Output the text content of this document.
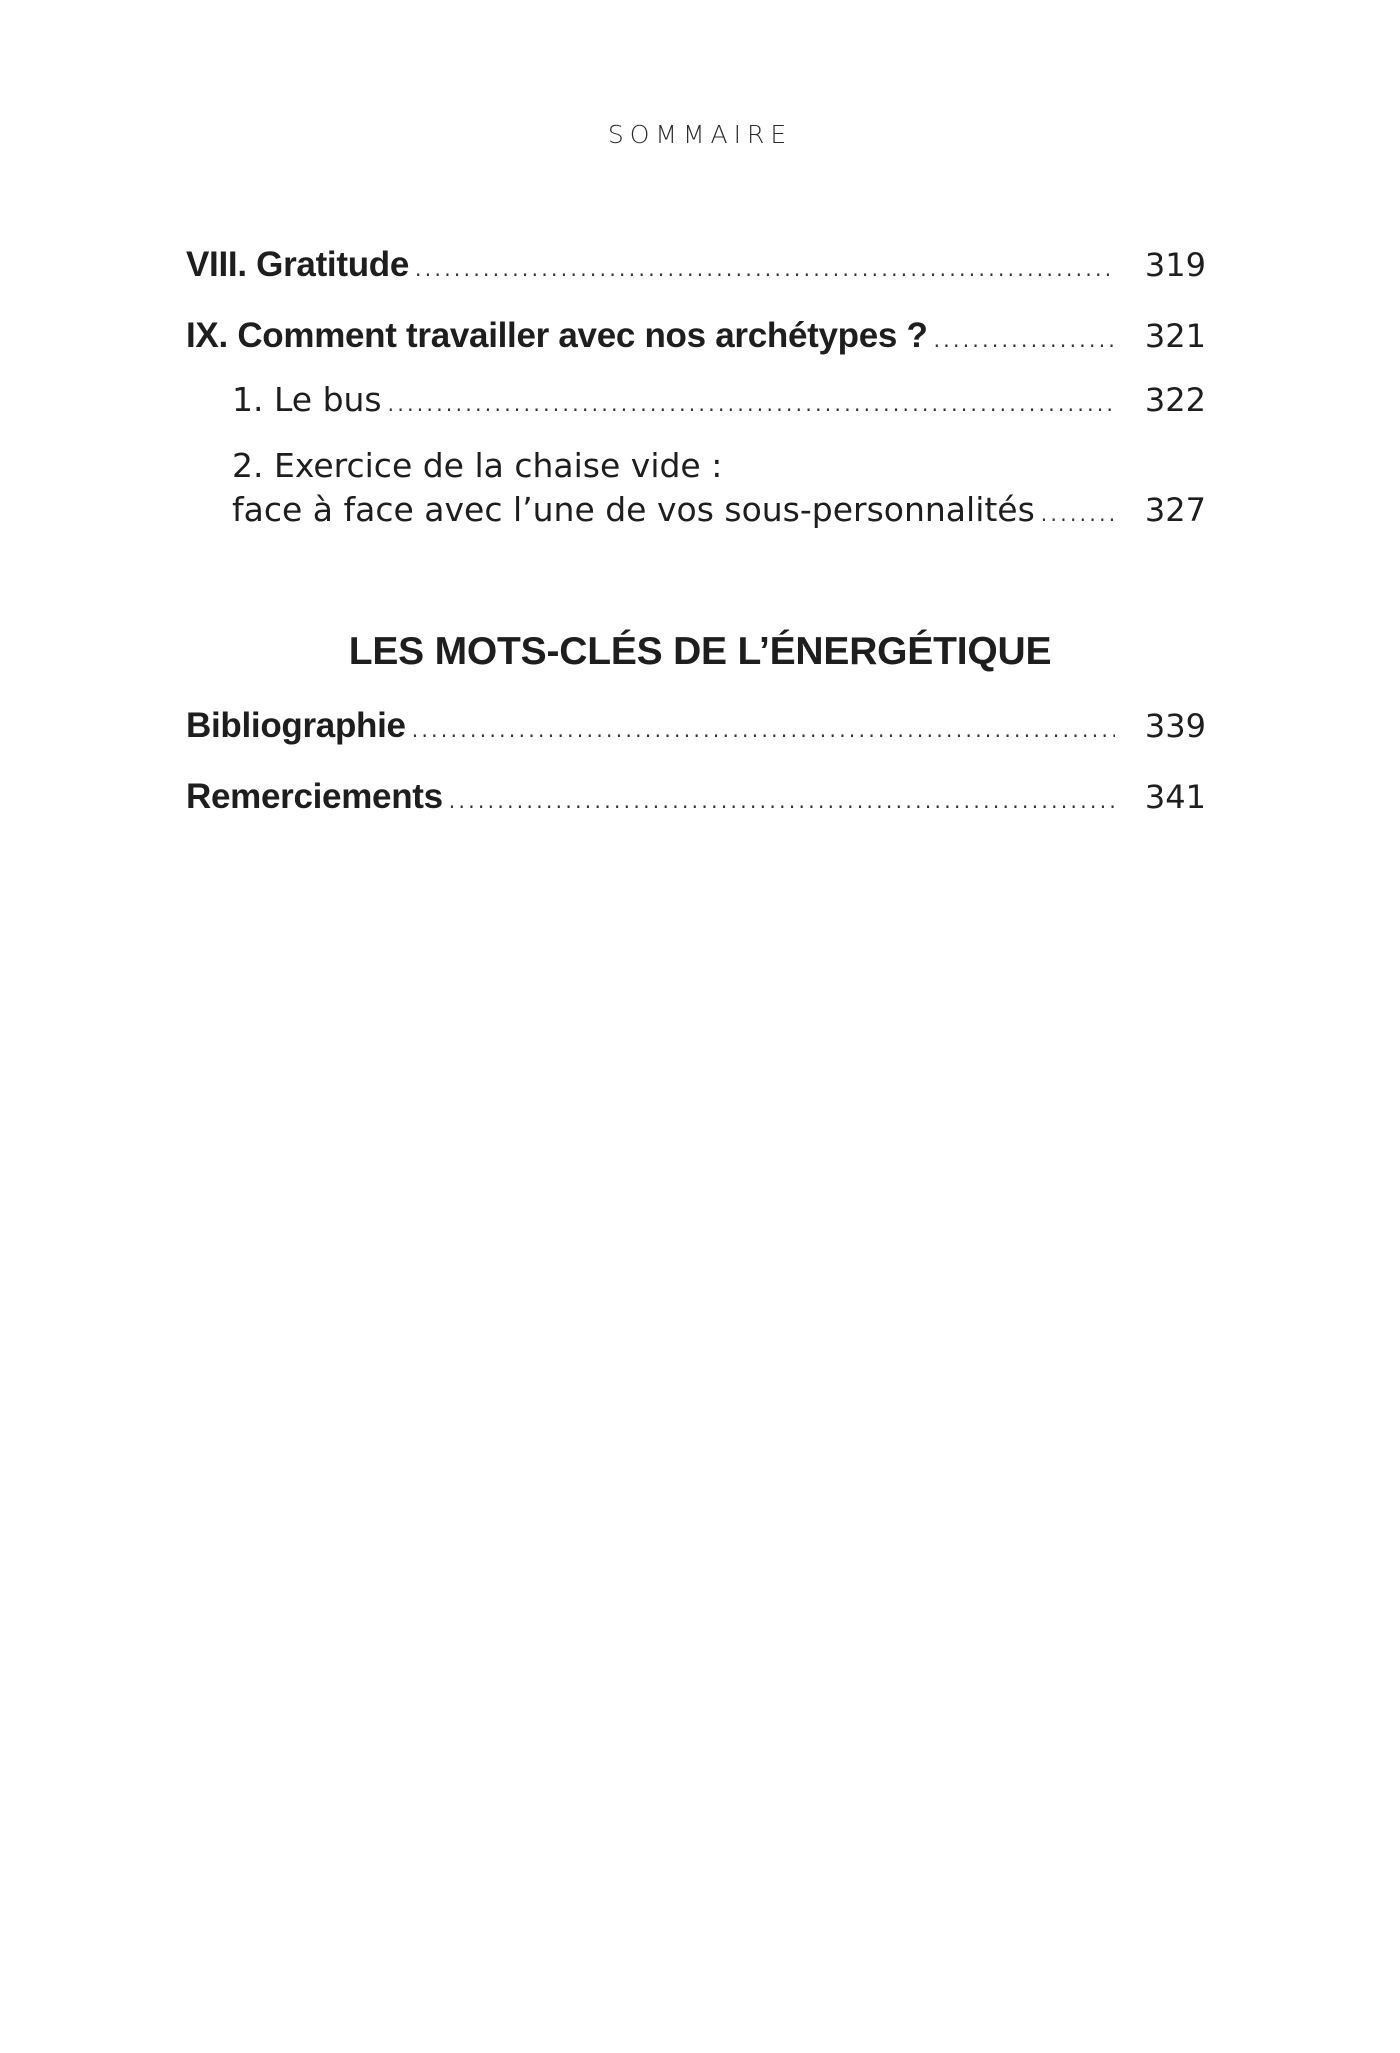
SOMMAIRE
VIII. Gratitude . . .	319
IX. Comment travailler avec nos archétypes ? . . .	321
1. Le bus . . .	322
2. Exercice de la chaise vide :
face à face avec l’une de vos sous-personnalités . . .	327
LES MOTS-CLÉS DE L’ÉNERGÉTIQUE
Bibliographie . . .	339
Remerciements . . .	341
